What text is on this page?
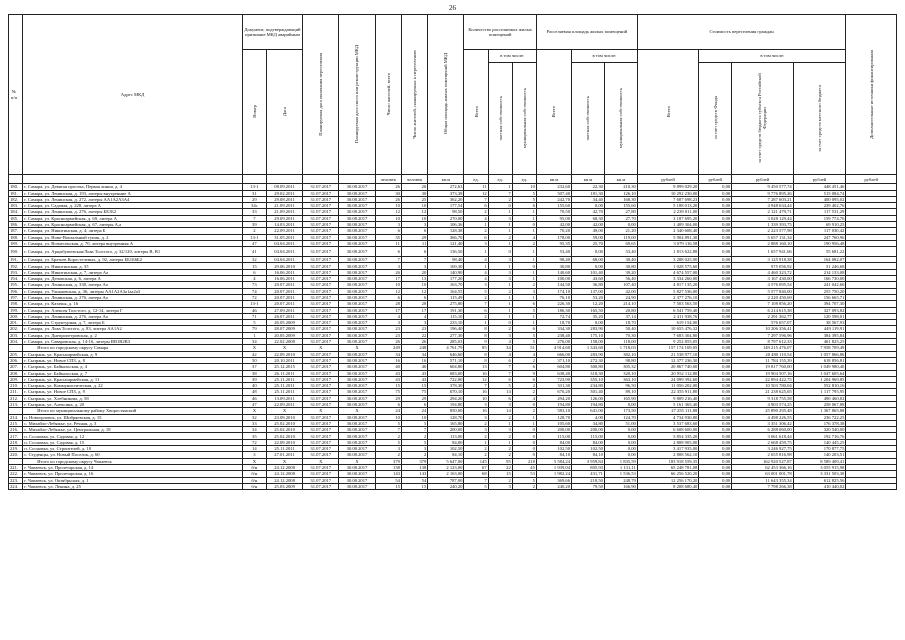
26
№ п/п	Адрес МКД	Документ, подтверждающий признание МКД аварийным		Планируемая дата окончания переселения	Планируемая дата сноса или реконструкции МКД	Число жителей, всего	Число жителей, планируемых к переселению	Общая площадь жилых помещений МКД	Количество расселяемых жилых помещений			Расселяемая площадь жилых помещений			Стоимость переселения граждан				Дополнительные источники финансирования
		Номер	Дата						Всего	в том числе:		Всего	в том числе:		Всего	в том числе:			
										частная собственность	муниципальная собственность		частная собственность	муниципальная собственность		за счет средств Фонда	за счет средств бюджета субъекта Российской Федерации	за счет средств местного бюджета	
						человек	человек	кв.м	ед.	ед.	ед.	кв.м	кв.м	кв.м	рублей	рублей	рублей	рублей	рублей
180.	г. Самара, ул. Девятая просека, Первая линия, д. 4	13-1	08.09.2011	31.07.2017	30.08.2017	26	26	272,63	11	1	10	232,60	22,30	210,30	9 899 029,20	0,00	9 450 577,74	448 451,46	
181.	г. Самара, ул. Ленинская, д. 193, литеры внутренние А	31	29.02.2011	31.07.2017	30.08.2017	30	30	373,38	12	7	5	507,40	181,30	126,10	10 292 230,00	0,00	9 776 895,26	515 084,74	
182.	г. Самара, ул. Ленинская, д. 272, литеры АА1А2А3А4	29	29.08.2011	31.07.2017	30.08.2017	26	25	362,20	7	2	5	242,70	34,40	168,30	7 687 698,23	0,00	7 287 603,21	400 095,02	
183.	г. Самара, ул. Садовая, д. 228, литера А	34с	21.09.2011	31.07.2017	30.08.2017	10	10	177,54	6	0	6	155,60	0,00	155,60	5 188 013,20	0,00	4 948 634,44	239 402,76	
184.	г. Самара, ул. Ленинская, д. 276, литеры ББ1Б2	33	21.09.2011	31.07.2017	30.08.2017	12	12	98,50	2	1	1	70,50	42,70	27,80	2 239 011,00	0,00	2 121 479,71	117 531,29	
185.	г. Самара, ул. Красноармейская, д. 69, литера А	7	29.09.2011	31.07.2017	30.08.2017	10	10	270,00	4	3	1	95,00	68,30	27,70	3 187 695,20	0,00	3 028 129,44	159 774,76	
186.	г. Самара, ул. Красноармейская, д. 67, литеры А,а	39	14.03.2011	31.07.2017	30.08.2017	3	3	106,36	1	1	0	42,00	42,00	0,00	1 409 304,00	0,00	1 339 393,75	69 910,25	
187.	г. Самара, ул. Никитинская, д. 4, литера Б	2	22.09.2011	31.07.2017	30.08.2017	6	6	128,38	2	1	1	70,20	49,00	21,20	2 340 608,40	0,00	2 223 577,98	117 030,42	
188.	г. Самара, ул. Ново-Вокзальный тупик, д. 2	13-1	31.05.2011	31.07.2017	30.08.2017	35	29	366,70	6	2	4	178,00	59,00	119,00	5 904 891,30	0,00	5 657 131,34	247 760,96	
189.	г. Самара, ул. Вознесенская, д. 70, литера внутренняя А	47	04.04.2011	31.07.2017	30.08.2017	11	11	121,40	3	1	2	95,35	25,70	69,65	3 079 116,58	0,00	2 888 160,10	190 956,48	
190.	г. Самара, ул. Арцыбушевская/Льва Толстого, д. 32/120, литеры В, В1	41	04.04.2011	31.07.2017	30.08.2017	6	6	136,50	1	0	1	53,40	0,00	53,40	1 813 622,88	0,00	1 657 941,66	55 681,22	
191.	г. Самара, ул. Братьев Коростелевых, д. 92, литеры ББ1Б6Б2	32	04.04.2011	31.07.2017	30.08.2017	7	7	98,40	4	3	1	98,40	68,00	30,40	3 288 025,00	0,00	3 125 918,38	164 082,07	
192.	г. Самара, ул. Никитинская, д. 35	15	29.06.2010	31.07.2017	30.08.2017	3	3	169,30	1	1	0	30,80	0,00	30,80	1 028 575,60	0,00	975 056,92	51 246,68	
193.	г. Самара, ул. Никитинская, д. 7, литера Аа	6	16.06.2011	31.07.2017	30.08.2017	26	20	140,90	4	3	1	140,60	101,40	39,20	4 674 557,00	0,00	4 460 323,72	214 133,08	
194.	г. Самара, ул. Деповская, д. 6, литера А	4	16.06.2011	31.07.2017	30.08.2017	17	13	177,20	4	3	1	100,00	43,60	56,40	3 334 260,00	0,00	3 167 430,00	166 730,00	
195.	г. Самара, ул. Ленинская, д. 338, литера Аа	73	20.07.2011	31.07.2017	30.08.2017	10	10	163,70	3	1	2	144,50	36,80	107,40	4 817 135,20	0,00	4 576 095,54	241 042,66	
196.	г. Самара, ул. Ульяновская, д. 36, литеры АА1А2А3а1аа2а3	74	20.07.2011	31.07.2017	30.08.2017	12	12	164,55	5	2	3	174,10	137,00	42,00	5 827 536,00	0,00	5 577 840,00	255 750,20	
197.	г. Самара, ул. Ленинская, д. 276, литера Аа	72	20.07.2011	31.07.2017	30.08.2017	6	6	115,49	2	1	1	76,10	53,20	24,90	2 377 276,10	0,00	2 220 450,69	156 665,71	
198.	г. Самара, ул. Казачья, д. 16	13-1	20.07.2011	31.07.2017	30.08.2017	28	28	275,80	7	1	6	226,30	12,20	214,10	7 503 563,50	0,00	7 108 856,20	394 707,30	
199.	г. Самара, ул. Алексея Толстого, д. 12-14, литера Г	46	27.09.2011	31.07.2017	30.08.2017	17	17	191,30	6	1	5	186,30	165,50	20,80	6 541 759,40	0,00	6 214 615,38	327 093,82	
200.	г. Самара, ул. Ленинская, д. 276, литера Аа	71	26.07.2011	31.07.2017	30.08.2017	4	4	115,10	2	1	1	72,74	35,20	37,14	2 411 938,76	0,00	2 291 362,77	120 598,01	
201.	г. Самара, ул. Структурная, д. 7, литера Б	5	26.05.2009	31.07.2017	30.08.2017	3	3	233,10	1	0	1	18,70	0,00	18,70	619 154,00	0,00	576 657,07	38 567,93	
202.	г. Самара, ул. Льва Толстого, д. 83, литера АА1А2	79	28.07.2009	31.07.2017	30.08.2017	23	23	196,40	8	2	6	334,30	283,90	50,40	10 655 476,32	0,00	10 206 356,41	449 119,91	
203.	г. Самара, ул. Днепропетровская, д. 2	1	20.05.2009	31.07.2017	30.08.2017	23	22	277,30	8	3	5	238,40	175,10	70,30	7 683 304,80	0,00	7 297 596,96	384 395,84	
204.	г. Самара, ул. Саваровская, д. 14-16, литеры ВВ1В2В3	34	22.02.2008	31.07.2017	30.08.2017	26	26	285,03	9	4	5	276,00	158,00	118,00	9 252 855,05	0,00	8 797 612,33	461 825,25	
	Итого по городскому округу Самара	X	X	X	X	249	248	4 761,79	85	34	51	4 914,60	1 343,60	1 718,03	157 174 169,05	0,00	149 215 476,07	7 958 709,49	
205.	г. Сызрань, ул. Красноармейская, д. 9	42	22.09.2010	31.07.2017	30.08.2017	34	34	646,60	8	4	4	666,00	283,90	382,10	21 538 977,10	0,00	20 480 110,54	1 057 866,86	
206.	г. Сызрань, ул. Новое СПЗ, д. 8	50	20.10.2011	31.07.2017	30.08.2017	16	16	571,10	8	6	2	371,10	272,30	98,80	12 377 236,30	0,00	11 784 155,39	618 856,81	
207.	г. Сызрань, ул. Байкальская, д. 4	37	25.12.2015	31.07.2017	30.08.2017	40	40	604,80	13	7	6	604,80	300,80	305,32	20 867 740,00	0,00	19 817 760,00	1 049 980,40	
208.	г. Сызрань, ул. Байкальская, д. 7	38	26.11.2011	31.07.2017	30.08.2017	43	43	683,00	16	7	9	638,40	318,30	320,10	20 952 112,80	0,00	19 904 507,16	1 047 605,64	
209.	г. Сызрань, ул. Красноармейская, д. 11	39	25.11.2011	31.07.2017	30.08.2017	43	43	722,80	12	6	6	723,90	355,10	363,10	24 099 392,60	0,00	22 894 422,75	1 204 969,85	
210.	г. Сызрань, ул. Коммунистическая, д. 22	40	25.11.2011	31.07.2017	30.08.2017	15	15	378,30	7	5	2	331,30	234,80	96,50	11 056 202,00	0,00	10 503 780,04	552 810,16	
211.	г. Сызрань, ул. Новое СПЗ, д. 9	48	25.11.2011	31.07.2017	30.08.2017	75	75	670,10	16	14	2	670,20	301,40	89,10	22 355 911,80	0,00	21 238 625,65	1 117 795,95	
212.	г. Сызрань, ул. Хлебникова, д. 58	46	13.09.2011	31.07.2017	30.08.2017	29	29	294,20	10	6	4	294,20	126,00	165,90	9 809 216,40	0,00	9 318 755,58	490 460,82	
213.	г. Сызрань, ул. Алексина, д. 20	47	22.09.2011	31.07.2017	30.08.2017	6	6	194,80	3	3	0	194,80	194,80	0,00	5 161 365,40	0,00	4 903 574,25	258 067,88	
	Итого по муниципальному району Хворостянский	X	X	X	X	24	24	850,00	16	14	2	583,10	641,00	173,50	27 255 111,88	0,00	25 890 295,48	1 367 865,88	
214.	п. Новоорловск, ул. Шибряевская, д. 15	32	23.09.2010	31.07.2017	30.08.2017	10	10	128,70	3	2	1	128,70	4,00	124,70	4 734 930,80	0,00	4 498 226,55	236 722,25	
215.	с. Михайло-Лебяжье, ул. Речная, д. 3	33	25.02.2010	31.07.2017	30.08.2017	5	5	165,80	2	1	1	105,60	34,80	51,00	3 537 683,60	0,00	3 351 306,42	176 378,38	
216.	с. Михайло-Лебяжье, ул. Центральная, д. 18	34	25.02.2010	31.07.2017	30.08.2017	7	7	200,00	3	3	0	200,00	200,00	0,00	6 608 600,00	0,00	6 288 060,00	320 540,00	
217.	п. Сосновка, ул. Садовая, д. 12	35	25.02.2010	31.07.2017	30.08.2017	2	2	113,00	2	2	0	115,00	115,00	0,00	3 854 335,20	0,00	3 661 618,44	192 716,76	
218.	п. Сосновка, ул. Садовая, д. 15	72	22.09.2010	31.07.2017	30.08.2017	5	5	84,00	1	1	0	84,00	84,00	0,00	2 808 905,00	0,00	2 668 459,75	140 445,25	
219.	п. Сосновка, ул. Строителей, д. 10	14	25.11.2011	31.07.2017	30.08.2017	3	3	102,50	2	2	0	102,50	102,50	0,00	3 417 935,00	0,00	3 246 927,75	170 877,75	
220.	с. Студенцы, ул. Новый Поселок, д. 60	3	27.01.2011	31.07.2017	30.08.2017	2	2	84,10	2	2	0	84,10	84,10	0,00	2 808 562,10	0,00	2 655 816,98	140 203,51	
	Итого по городскому округу Чапаевск	X	X	X	X	379	379	5 647,00	145	95	218	5 584,24	3 959,84	1 835,59	183 918 559,35	0,00	162 920 527,87	8 589 409,41	
221.	г. Чапаевск, ул. Пролетарская, д. 14	б/н	24.12.2008	31.07.2017	30.08.2017	138	138	2 123,00	67	22	45	1 939,04	805,93	1 131,11	65 248 781,08	0,00	62 453 366,16	3 055 915,98	
222.	г. Чапаевск, ул. Пролетарская, д. 16	б/н	24.12.2008	31.07.2017	30.08.2017	143	143	2 163,00	68	15	53	1 982,24	431,71	1 536,53	66 256 520,20	0,00	63 001 001,78	3 331 503,30	
223.	г. Чапаевск, ул. Октябрьская, д. 1	б/н	24.12.2008	31.07.2017	30.08.2017	54	54	787,00	7	2	5	369,66	218,50	248,79	12 256 170,20	0,00	11 643 355,34	612 825,56	
224.	г. Чапаевск, ул. Ленина, д. 25	б/н	25.03.2009	31.07.2017	30.08.2017	15	15	240,20	5	3	2	240,20	79,50	166,90	8 208 680,40	0,00	7 798 266,38	410 440,02	
